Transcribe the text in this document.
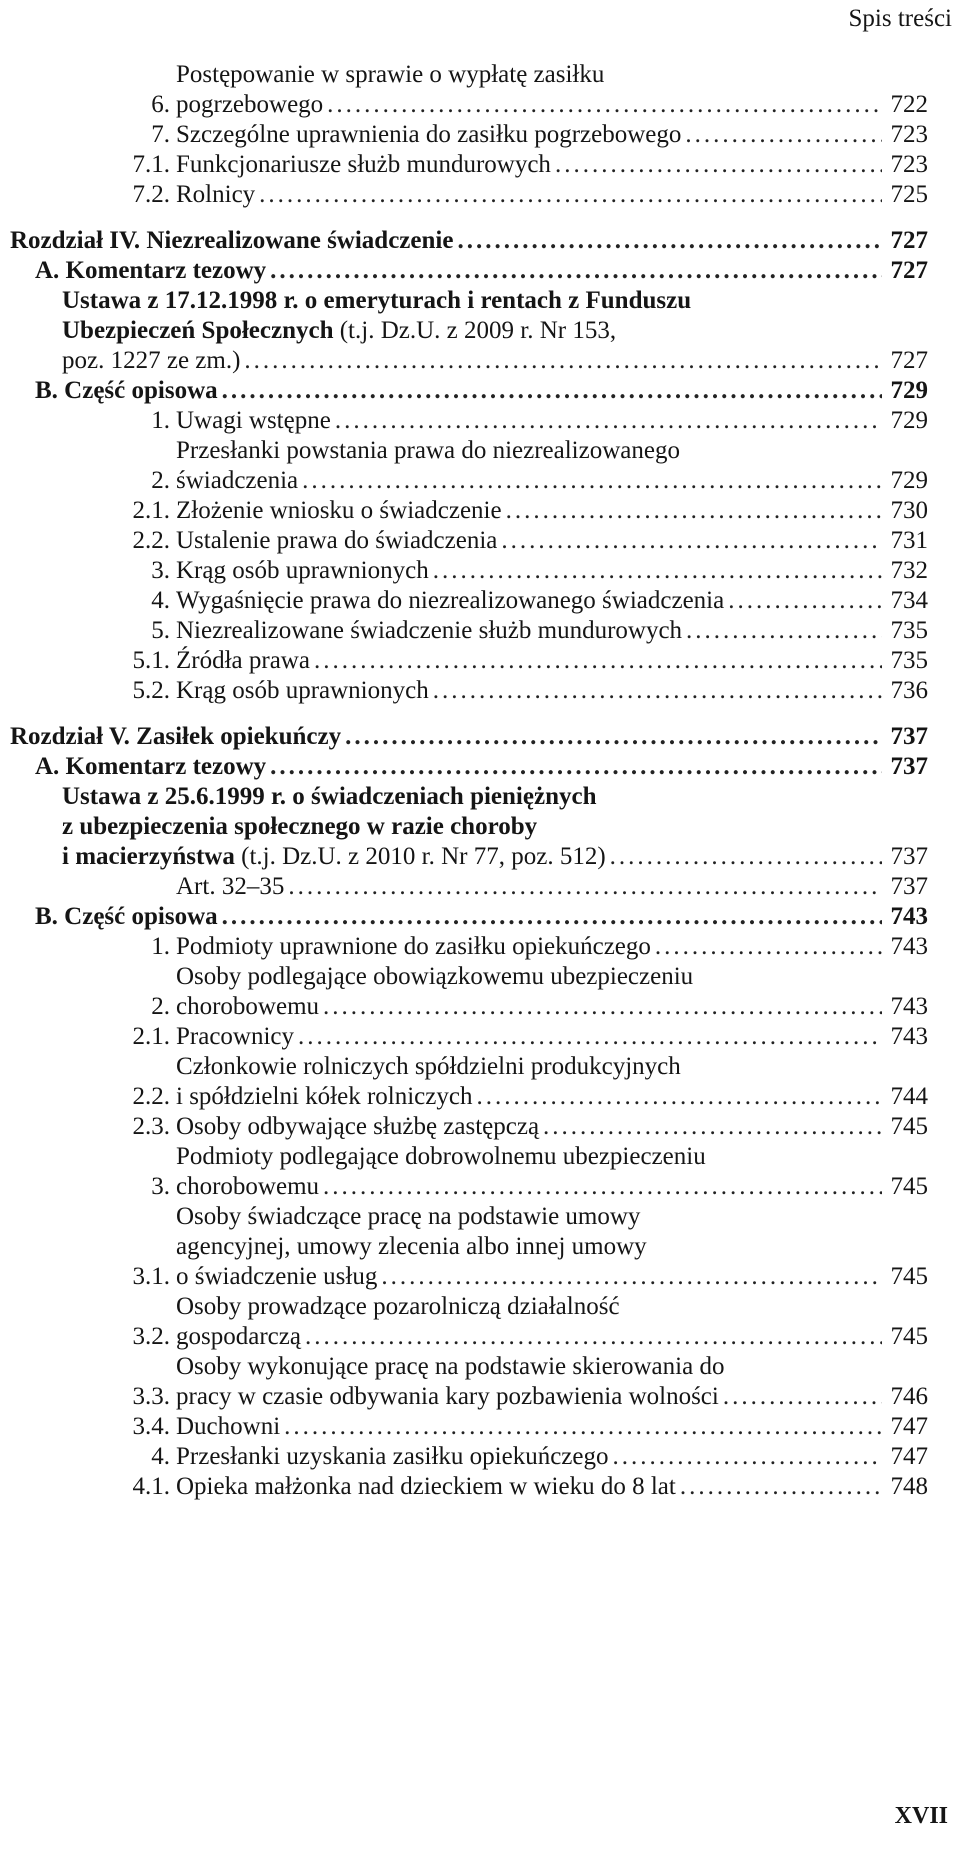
Spis treści
6.
Postępowanie w sprawie o wypłatę zasiłku
pogrzebowego .....	722
7. Szczególne uprawnienia do zasiłku pogrzebowego .....	723
7.1. Funkcjonariusze służb mundurowych .....	723
7.2. Rolnicy .....	725
Rozdział IV. Niezrealizowane świadczenie .....	727
A. Komentarz tezowy .....	727
Ustawa z 17.12.1998 r. o emeryturach i rentach z Funduszu
Ubezpieczeń Społecznych (t.j. Dz.U. z 2009 r. Nr 153,
poz. 1227 ze zm.) .....	727
B. Część opisowa .....	729
1. Uwagi wstępne .....	729
2.
Przesłanki powstania prawa do niezrealizowanego
świadczenia .....	729
2.1. Złożenie wniosku o świadczenie .....	730
2.2. Ustalenie prawa do świadczenia .....	731
3. Krąg osób uprawnionych .....	732
4. Wygaśnięcie prawa do niezrealizowanego świadczenia .....	734
5. Niezrealizowane świadczenie służb mundurowych .....	735
5.1. Źródła prawa .....	735
5.2. Krąg osób uprawnionych .....	736
Rozdział V. Zasiłek opiekuńczy .....	737
A. Komentarz tezowy .....	737
Ustawa z 25.6.1999 r. o świadczeniach pieniężnych
z ubezpieczenia społecznego w razie choroby
i macierzyństwa (t.j. Dz.U. z 2010 r. Nr 77, poz. 512) .....	737
Art. 32–35 .....	737
B. Część opisowa .....	743
1. Podmioty uprawnione do zasiłku opiekuńczego .....	743
2.
Osoby podlegające obowiązkowemu ubezpieczeniu
chorobowemu .....	743
2.1. Pracownicy .....	743
2.2.
Członkowie rolniczych spółdzielni produkcyjnych
i spółdzielni kółek rolniczych .....	744
2.3. Osoby odbywające służbę zastępczą .....	745
3.
Podmioty podlegające dobrowolnemu ubezpieczeniu
chorobowemu .....	745
3.1.
Osoby świadczące pracę na podstawie umowy
agencyjnej, umowy zlecenia albo innej umowy
o świadczenie usług .....	745
3.2.
Osoby prowadzące pozarolniczą działalność
gospodarczą .....	745
3.3.
Osoby wykonujące pracę na podstawie skierowania do
pracy w czasie odbywania kary pozbawienia wolności .....	746
3.4. Duchowni .....	747
4. Przesłanki uzyskania zasiłku opiekuńczego .....	747
4.1. Opieka małżonka nad dzieckiem w wieku do 8 lat .....	748
XVII
